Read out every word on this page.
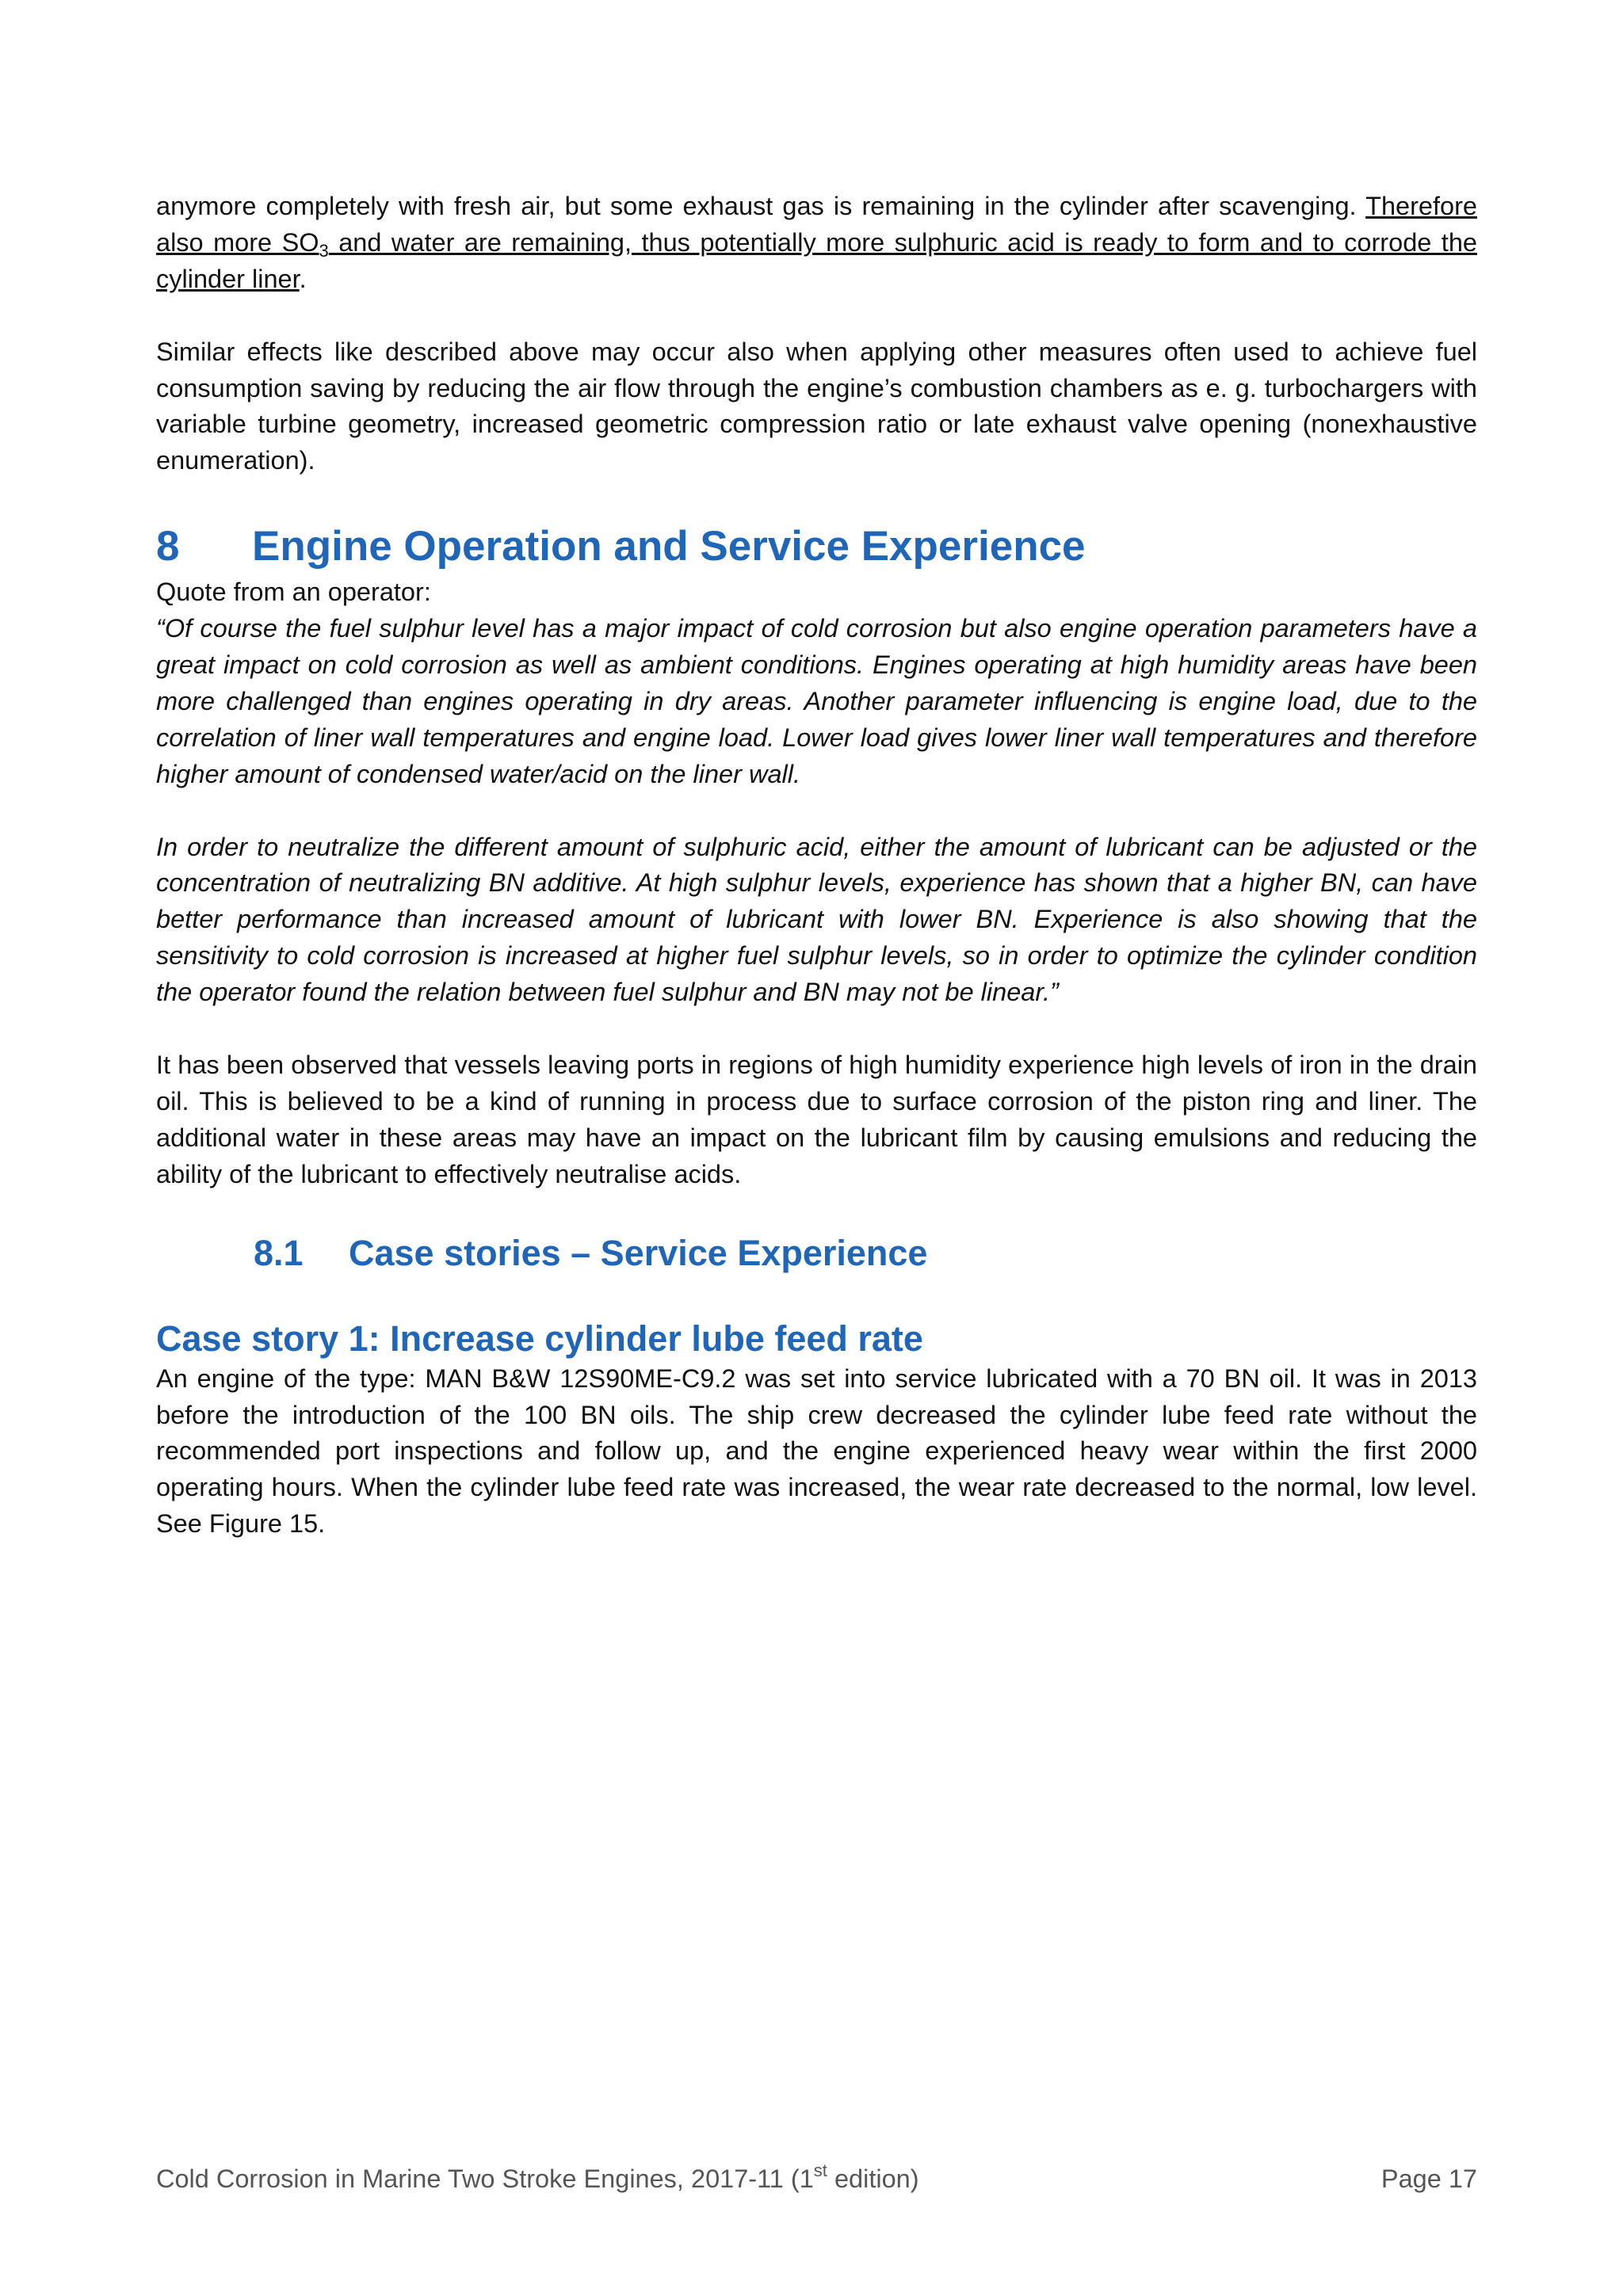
anymore completely with fresh air, but some exhaust gas is remaining in the cylinder after scavenging. Therefore also more $SO_3$ and water are remaining, thus potentially more sulphuric acid is ready to form and to corrode the cylinder liner.

Similar effects like described above may occur also when applying other measures often used to achieve fuel consumption saving by reducing the air flow through the engine’s combustion chambers as e. g. turbochargers with variable turbine geometry, increased geometric compression ratio or late exhaust valve opening (nonexhaustive enumeration).

8	Engine Operation and Service Experience

Quote from an operator:

“Of course the fuel sulphur level has a major impact of cold corrosion but also engine operation parameters have a great impact on cold corrosion as well as ambient conditions. Engines operating at high humidity areas have been more challenged than engines operating in dry areas. Another parameter influencing is engine load, due to the correlation of liner wall temperatures and engine load. Lower load gives lower liner wall temperatures and therefore higher amount of condensed water/acid on the liner wall.

In order to neutralize the different amount of sulphuric acid, either the amount of lubricant can be adjusted or the concentration of neutralizing BN additive. At high sulphur levels, experience has shown that a higher BN, can have better performance than increased amount of lubricant with lower BN. Experience is also showing that the sensitivity to cold corrosion is increased at higher fuel sulphur levels, so in order to optimize the cylinder condition the operator found the relation between fuel sulphur and BN may not be linear.”

It has been observed that vessels leaving ports in regions of high humidity experience high levels of iron in the drain oil. This is believed to be a kind of running in process due to surface corrosion of the piston ring and liner. The additional water in these areas may have an impact on the lubricant film by causing emulsions and reducing the ability of the lubricant to effectively neutralise acids.

8.1	Case stories – Service Experience
Case story 1: Increase cylinder lube feed rate

An engine of the type: MAN B&W 12S90ME-C9.2 was set into service lubricated with a 70 BN oil. It was in 2013 before the introduction of the 100 BN oils. The ship crew decreased the cylinder lube feed rate without the recommended port inspections and follow up, and the engine experienced heavy wear within the first 2000 operating hours. When the cylinder lube feed rate was increased, the wear rate decreased to the normal, low level. See Figure 15.

Cold Corrosion in Marine Two Stroke Engines, 2017-11 (1st edition)	Page 17
